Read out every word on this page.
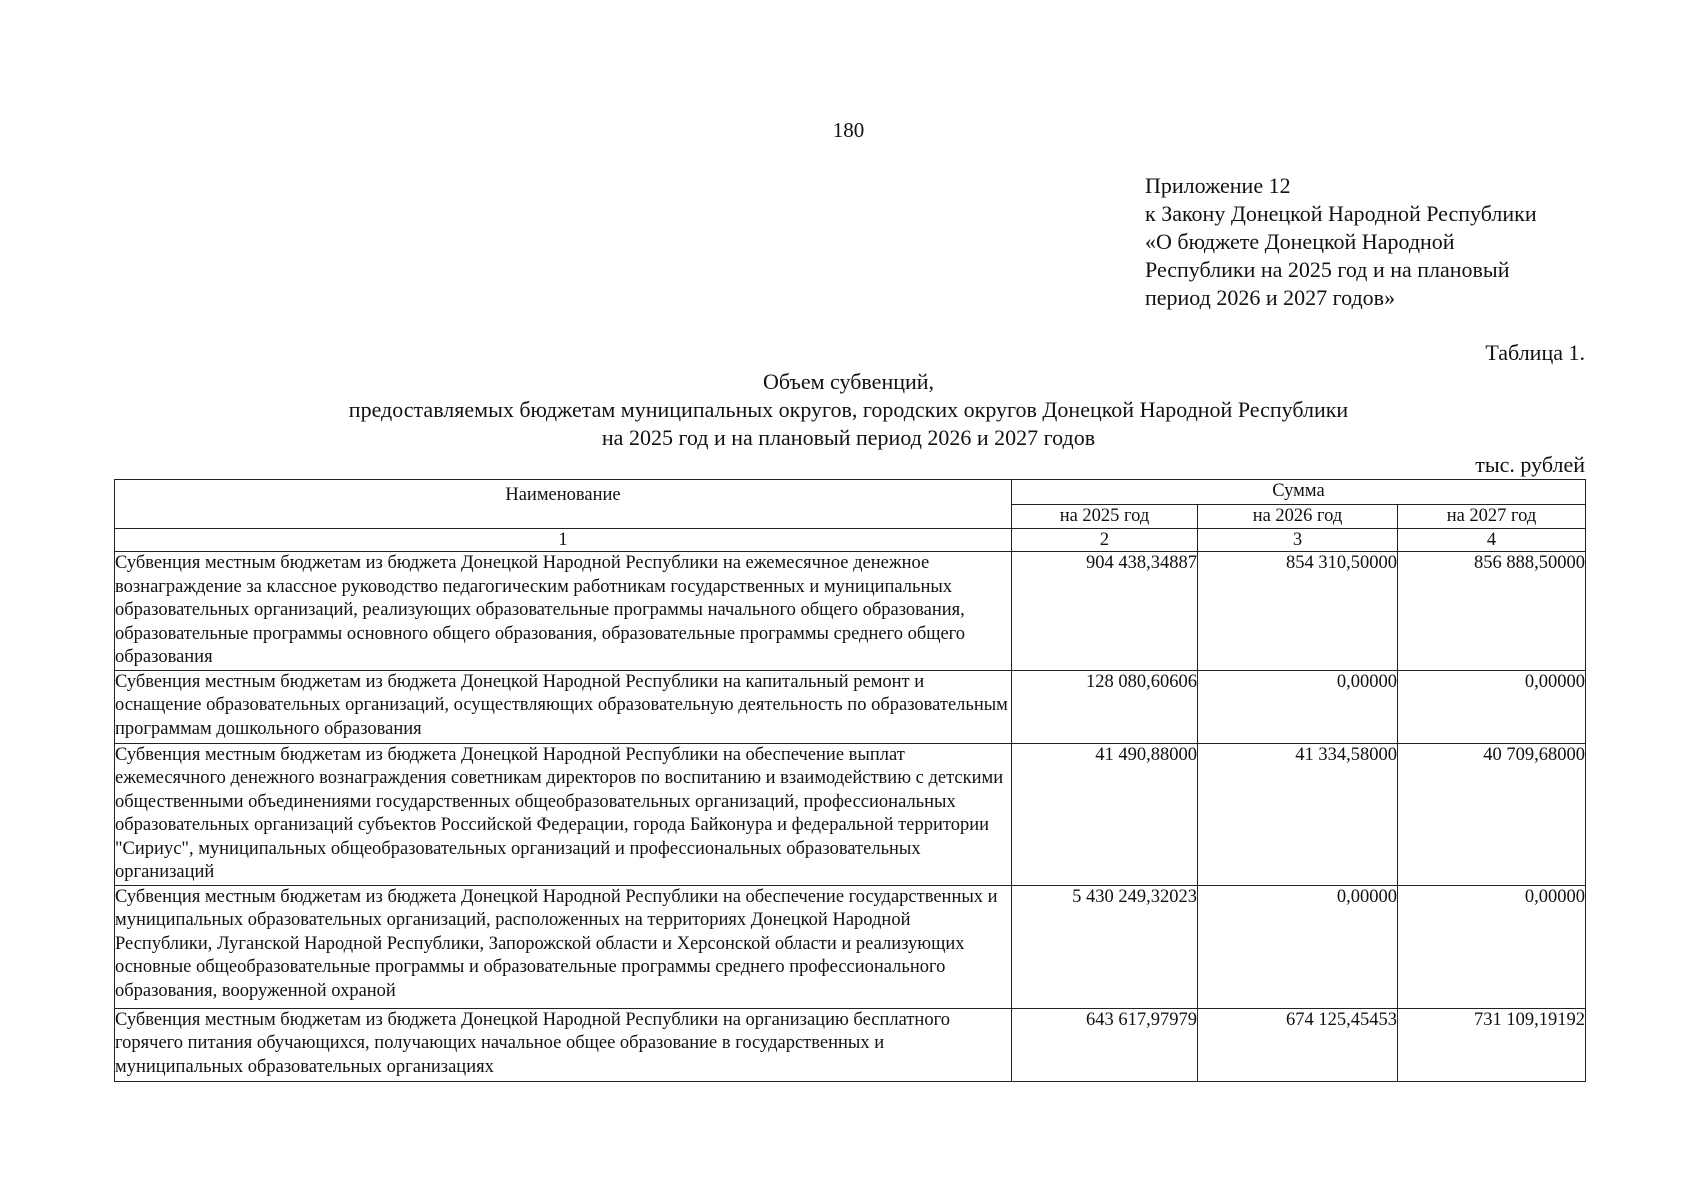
180
Приложение 12
к Закону Донецкой Народной Республики
«О бюджете Донецкой Народной
Республики на 2025 год и на плановый
период 2026 и 2027 годов»
Таблица 1.
Объем субвенций,
предоставляемых бюджетам муниципальных округов, городских округов Донецкой Народной Республики
на 2025 год и на плановый период 2026 и 2027 годов
тыс. рублей
Наименование	Сумма		
	на 2025 год	на 2026 год	на 2027 год
1	2	3	4
Субвенция местным бюджетам из бюджета Донецкой Народной Республики на ежемесячное денежное вознаграждение за классное руководство педагогическим работникам государственных и муниципальных образовательных организаций, реализующих образовательные программы начального общего образования, образовательные программы основного общего образования, образовательные программы среднего общего образования	904 438,34887	854 310,50000	856 888,50000
Субвенция местным бюджетам из бюджета Донецкой Народной Республики на капитальный ремонт и оснащение образовательных организаций, осуществляющих образовательную деятельность по образовательным программам дошкольного образования	128 080,60606	0,00000	0,00000
Субвенция местным бюджетам из бюджета Донецкой Народной Республики на обеспечение выплат ежемесячного денежного вознаграждения советникам директоров по воспитанию и взаимодействию с детскими общественными объединениями государственных общеобразовательных организаций, профессиональных образовательных организаций субъектов Российской Федерации, города Байконура и федеральной территории "Сириус", муниципальных общеобразовательных организаций и профессиональных образовательных организаций	41 490,88000	41 334,58000	40 709,68000
Субвенция местным бюджетам из бюджета Донецкой Народной Республики на обеспечение государственных и муниципальных образовательных организаций, расположенных на территориях Донецкой Народной Республики, Луганской Народной Республики, Запорожской области и Херсонской области и реализующих основные общеобразовательные программы и образовательные программы среднего профессионального образования, вооруженной охраной	5 430 249,32023	0,00000	0,00000
Субвенция местным бюджетам из бюджета Донецкой Народной Республики на организацию бесплатного горячего питания обучающихся, получающих начальное общее образование в государственных и муниципальных образовательных организациях	643 617,97979	674 125,45453	731 109,19192
